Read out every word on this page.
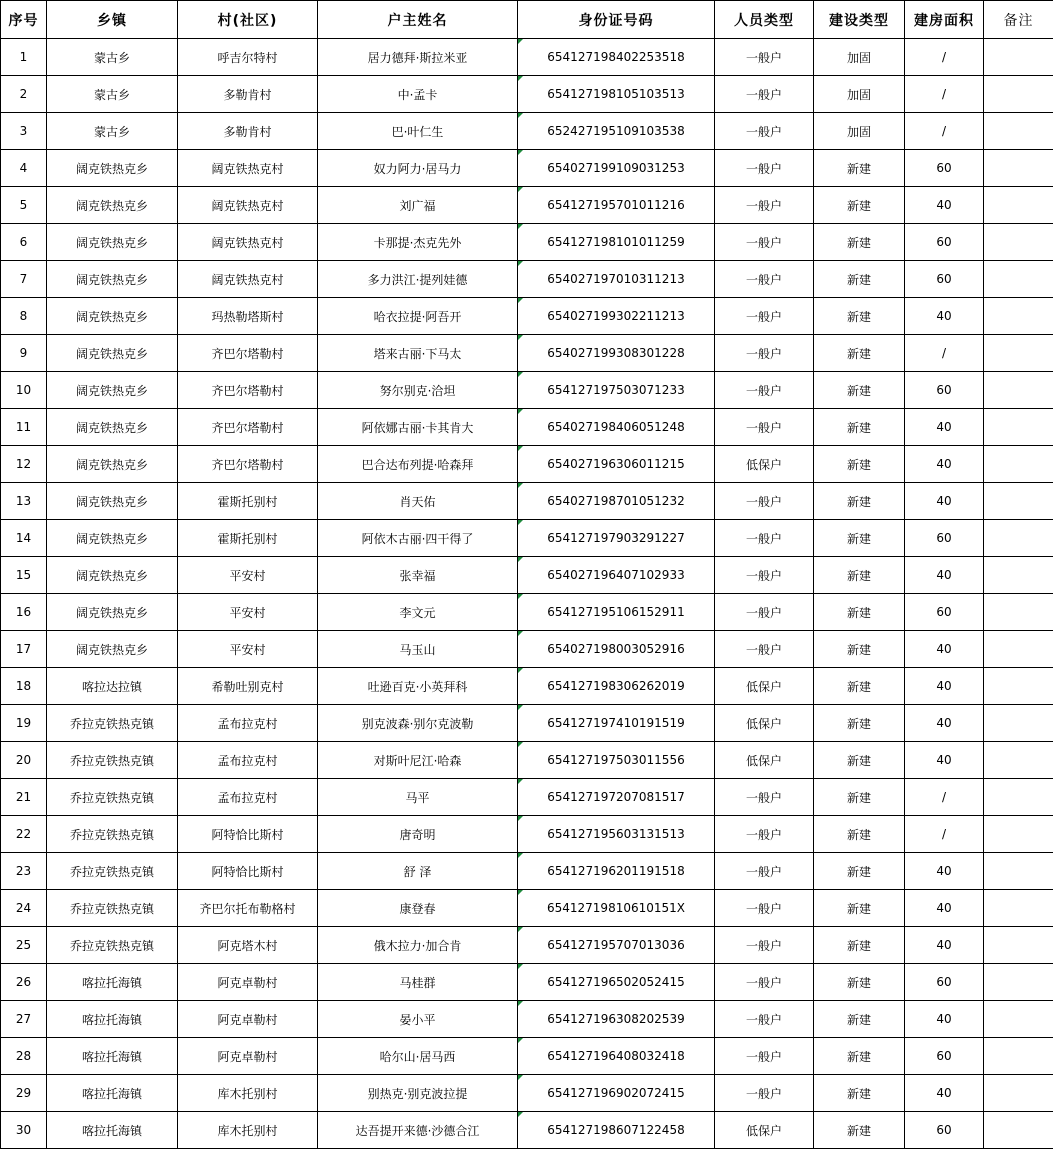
序号	乡镇	村(社区)	户主姓名	身份证号码	人员类型	建设类型	建房面积	备注
1	蒙古乡	呼吉尔特村	居力德拜·斯拉米亚	654127198402253518	一般户	加固	/	
2	蒙古乡	多勒肯村	中·孟卡	654127198105103513	一般户	加固	/	
3	蒙古乡	多勒肯村	巴·叶仁生	652427195109103538	一般户	加固	/	
4	阔克铁热克乡	阔克铁热克村	奴力阿力·居马力	654027199109031253	一般户	新建	60	
5	阔克铁热克乡	阔克铁热克村	刘广福	654127195701011216	一般户	新建	40	
6	阔克铁热克乡	阔克铁热克村	卡那提·杰克先外	654127198101011259	一般户	新建	60	
7	阔克铁热克乡	阔克铁热克村	多力洪江·提列娃德	654027197010311213	一般户	新建	60	
8	阔克铁热克乡	玛热勒塔斯村	哈衣拉提·阿吾开	654027199302211213	一般户	新建	40	
9	阔克铁热克乡	齐巴尔塔勒村	塔来古丽·下马太	654027199308301228	一般户	新建	/	
10	阔克铁热克乡	齐巴尔塔勒村	努尔别克·洽坦	654127197503071233	一般户	新建	60	
11	阔克铁热克乡	齐巴尔塔勒村	阿依娜古丽·卡其肯大	654027198406051248	一般户	新建	40	
12	阔克铁热克乡	齐巴尔塔勒村	巴合达布列提·哈森拜	654027196306011215	低保户	新建	40	
13	阔克铁热克乡	霍斯托别村	肖天佑	654027198701051232	一般户	新建	40	
14	阔克铁热克乡	霍斯托别村	阿依木古丽·四干得了	654127197903291227	一般户	新建	60	
15	阔克铁热克乡	平安村	张幸福	654027196407102933	一般户	新建	40	
16	阔克铁热克乡	平安村	李文元	654127195106152911	一般户	新建	60	
17	阔克铁热克乡	平安村	马玉山	654027198003052916	一般户	新建	40	
18	喀拉达拉镇	希勒吐别克村	吐逊百克·小英拜科	654127198306262019	低保户	新建	40	
19	乔拉克铁热克镇	孟布拉克村	别克波森·别尔克波勒	654127197410191519	低保户	新建	40	
20	乔拉克铁热克镇	孟布拉克村	对斯叶尼江·哈森	654127197503011556	低保户	新建	40	
21	乔拉克铁热克镇	孟布拉克村	马平	654127197207081517	一般户	新建	/	
22	乔拉克铁热克镇	阿特恰比斯村	唐奇明	654127195603131513	一般户	新建	/	
23	乔拉克铁热克镇	阿特恰比斯村	舒 泽	654127196201191518	一般户	新建	40	
24	乔拉克铁热克镇	齐巴尔托布勒格村	康登春	65412719810610151X	一般户	新建	40	
25	乔拉克铁热克镇	阿克塔木村	俄木拉力·加合肯	654127195707013036	一般户	新建	40	
26	喀拉托海镇	阿克卓勒村	马桂群	654127196502052415	一般户	新建	60	
27	喀拉托海镇	阿克卓勒村	晏小平	654127196308202539	一般户	新建	40	
28	喀拉托海镇	阿克卓勒村	哈尔山·居马西	654127196408032418	一般户	新建	60	
29	喀拉托海镇	库木托别村	别热克·别克波拉提	654127196902072415	一般户	新建	40	
30	喀拉托海镇	库木托别村	达吾提开来德·沙德合江	654127198607122458	低保户	新建	60	
